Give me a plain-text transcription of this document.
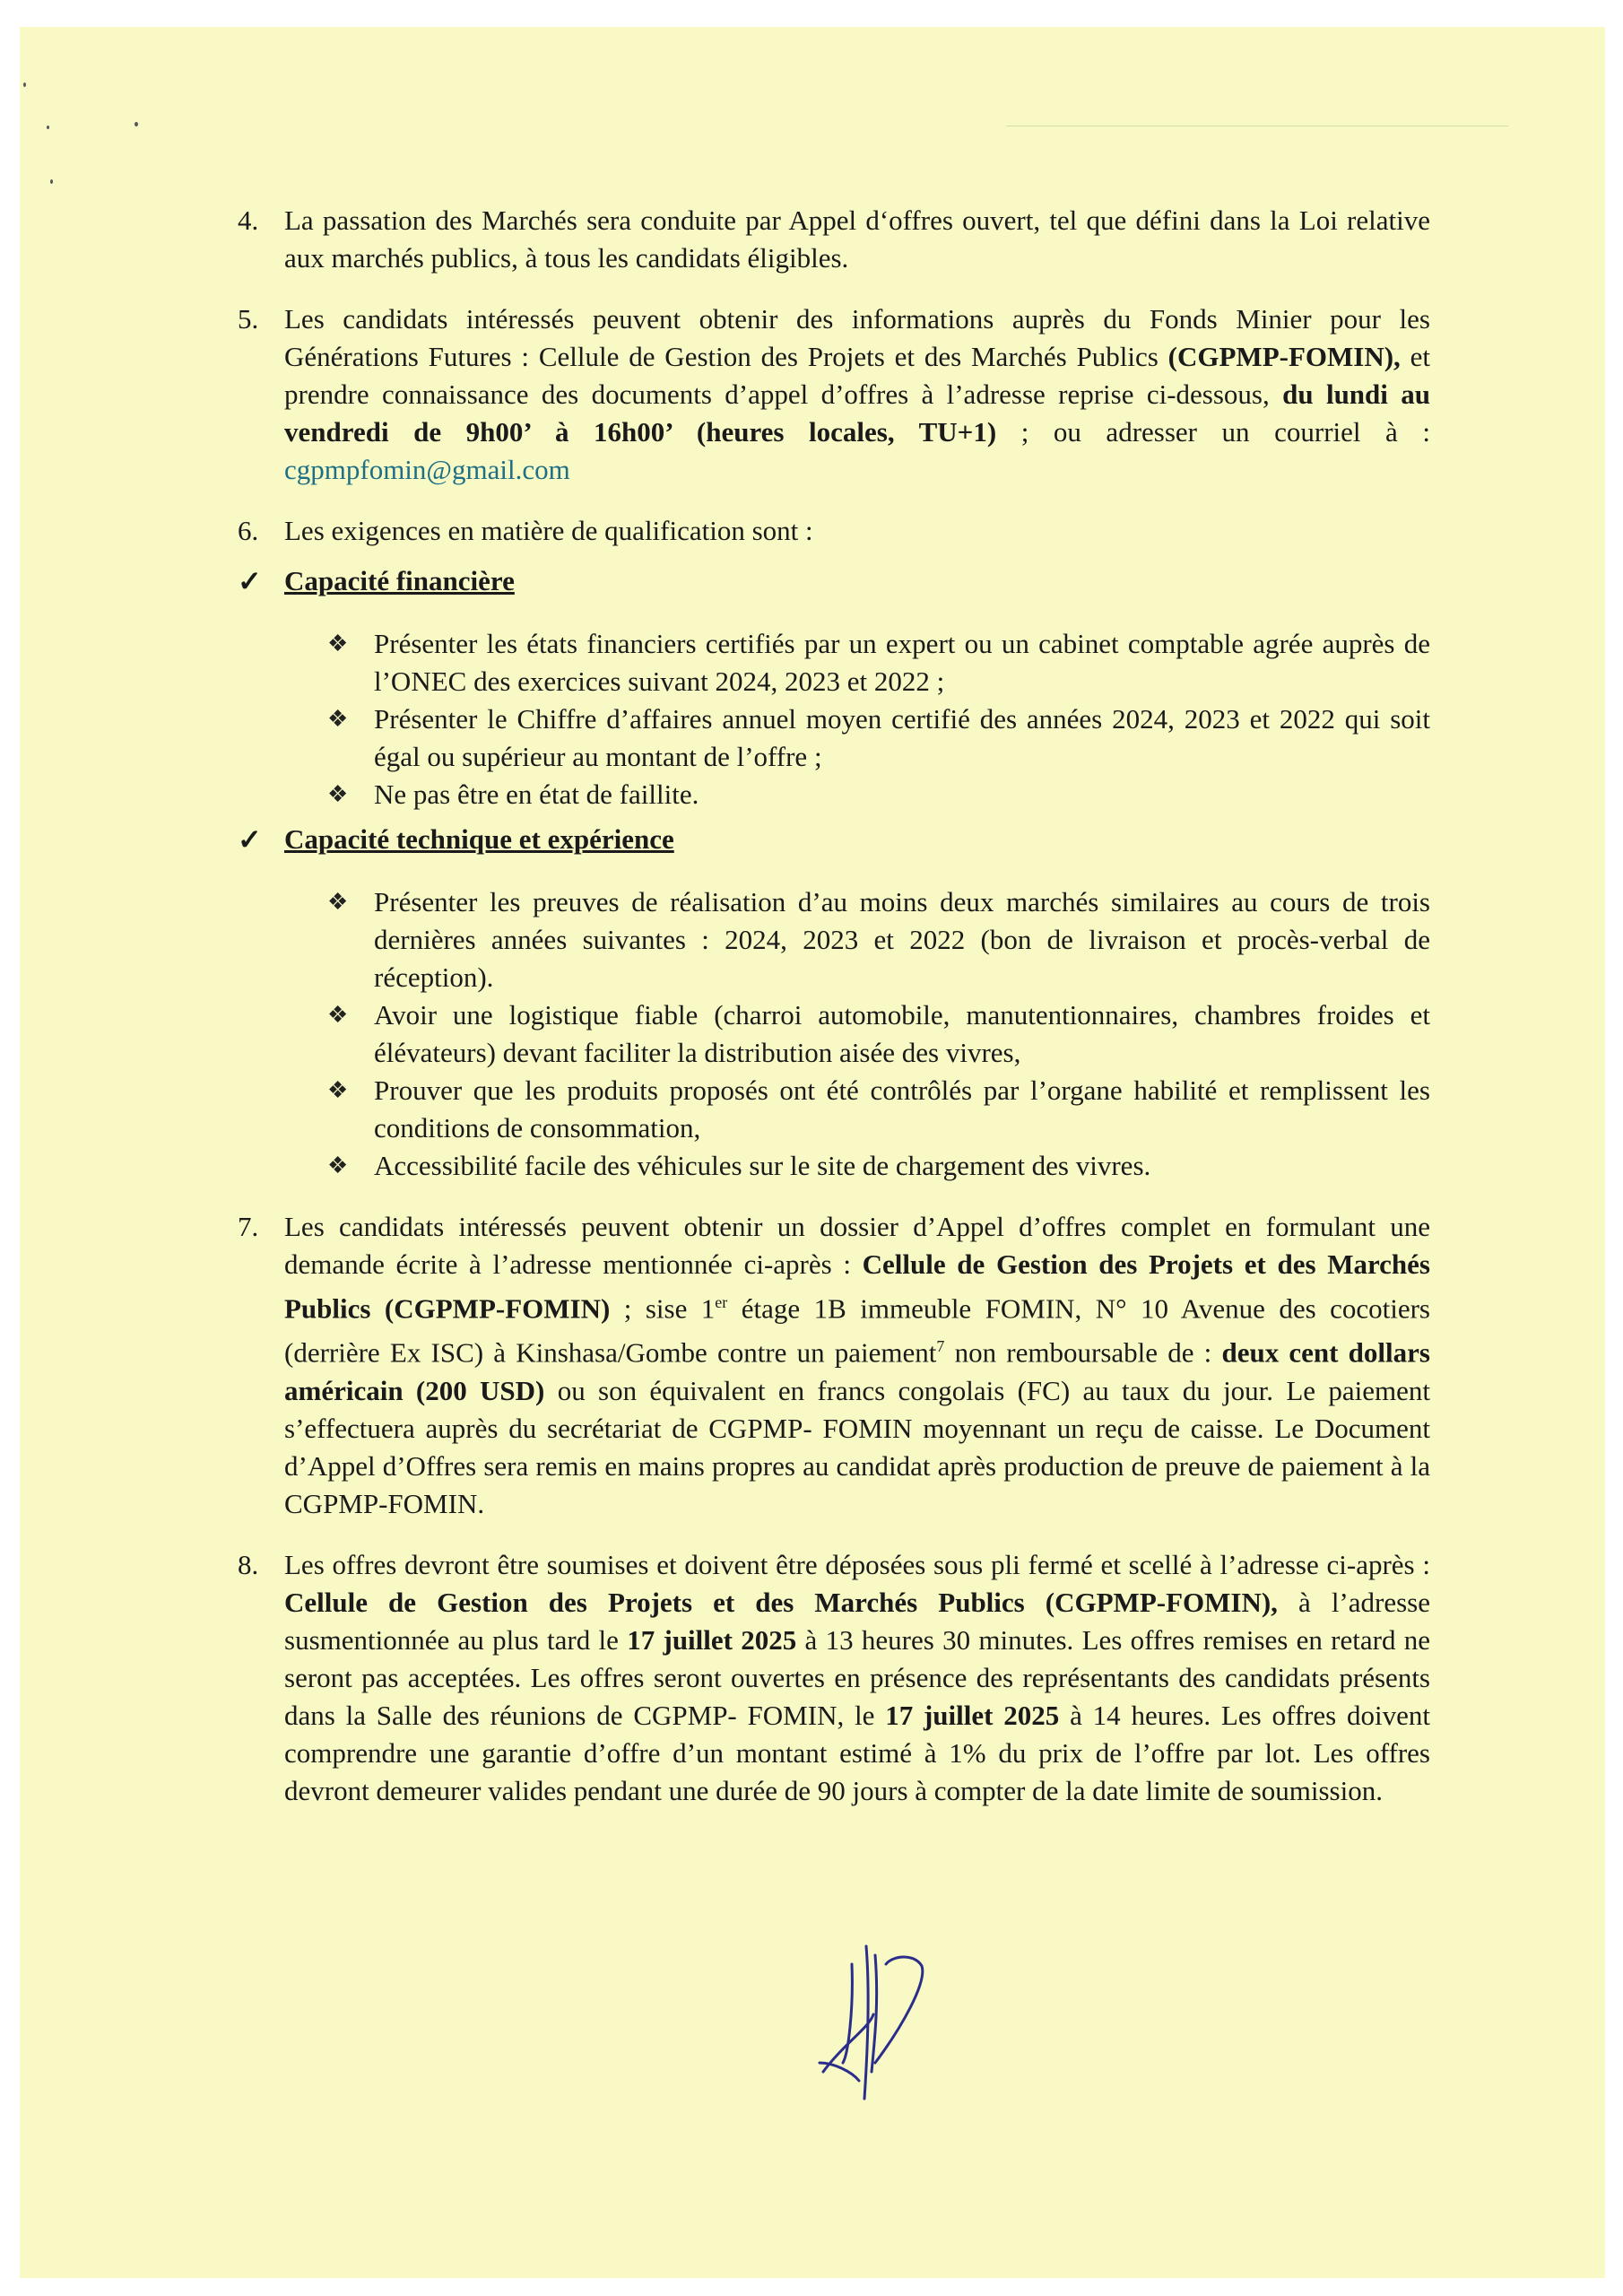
4. La passation des Marchés sera conduite par Appel d‘offres ouvert, tel que défini dans la Loi relative aux marchés publics, à tous les candidats éligibles.
5. Les candidats intéressés peuvent obtenir des informations auprès du Fonds Minier pour les Générations Futures : Cellule de Gestion des Projets et des Marchés Publics (CGPMP-FOMIN), et prendre connaissance des documents d’appel d’offres à l’adresse reprise ci-dessous, du lundi au vendredi de 9h00’ à 16h00’ (heures locales, TU+1) ; ou adresser un courriel à : cgpmpfomin@gmail.com
6. Les exigences en matière de qualification sont :
✓ Capacité financière
❖ Présenter les états financiers certifiés par un expert ou un cabinet comptable agrée auprès de l’ONEC des exercices suivant 2024, 2023 et 2022 ;
❖ Présenter le Chiffre d’affaires annuel moyen certifié des années 2024, 2023 et 2022 qui soit égal ou supérieur au montant de l’offre ;
❖ Ne pas être en état de faillite.
✓ Capacité technique et expérience
❖ Présenter les preuves de réalisation d’au moins deux marchés similaires au cours de trois dernières années suivantes : 2024, 2023 et 2022 (bon de livraison et procès-verbal de réception).
❖ Avoir une logistique fiable (charroi automobile, manutentionnaires, chambres froides et élévateurs) devant faciliter la distribution aisée des vivres,
❖ Prouver que les produits proposés ont été contrôlés par l’organe habilité et remplissent les conditions de consommation,
❖ Accessibilité facile des véhicules sur le site de chargement des vivres.
7. Les candidats intéressés peuvent obtenir un dossier d’Appel d’offres complet en formulant une demande écrite à l’adresse mentionnée ci-après : Cellule de Gestion des Projets et des Marchés Publics (CGPMP-FOMIN) ; sise 1er étage 1B immeuble FOMIN, N° 10 Avenue des cocotiers (derrière Ex ISC) à Kinshasa/Gombe contre un paiement$^7$ non remboursable de : deux cent dollars américain (200 USD) ou son équivalent en francs congolais (FC) au taux du jour. Le paiement s’effectuera auprès du secrétariat de CGPMP- FOMIN moyennant un reçu de caisse. Le Document d’Appel d’Offres sera remis en mains propres au candidat après production de preuve de paiement à la CGPMP-FOMIN.
8. Les offres devront être soumises et doivent être déposées sous pli fermé et scellé à l’adresse ci-après : Cellule de Gestion des Projets et des Marchés Publics (CGPMP-FOMIN), à l’adresse susmentionnée au plus tard le 17 juillet 2025 à 13 heures 30 minutes. Les offres remises en retard ne seront pas acceptées. Les offres seront ouvertes en présence des représentants des candidats présents dans la Salle des réunions de CGPMP- FOMIN, le 17 juillet 2025 à 14 heures. Les offres doivent comprendre une garantie d’offre d’un montant estimé à 1% du prix de l’offre par lot. Les offres devront demeurer valides pendant une durée de 90 jours à compter de la date limite de soumission.
